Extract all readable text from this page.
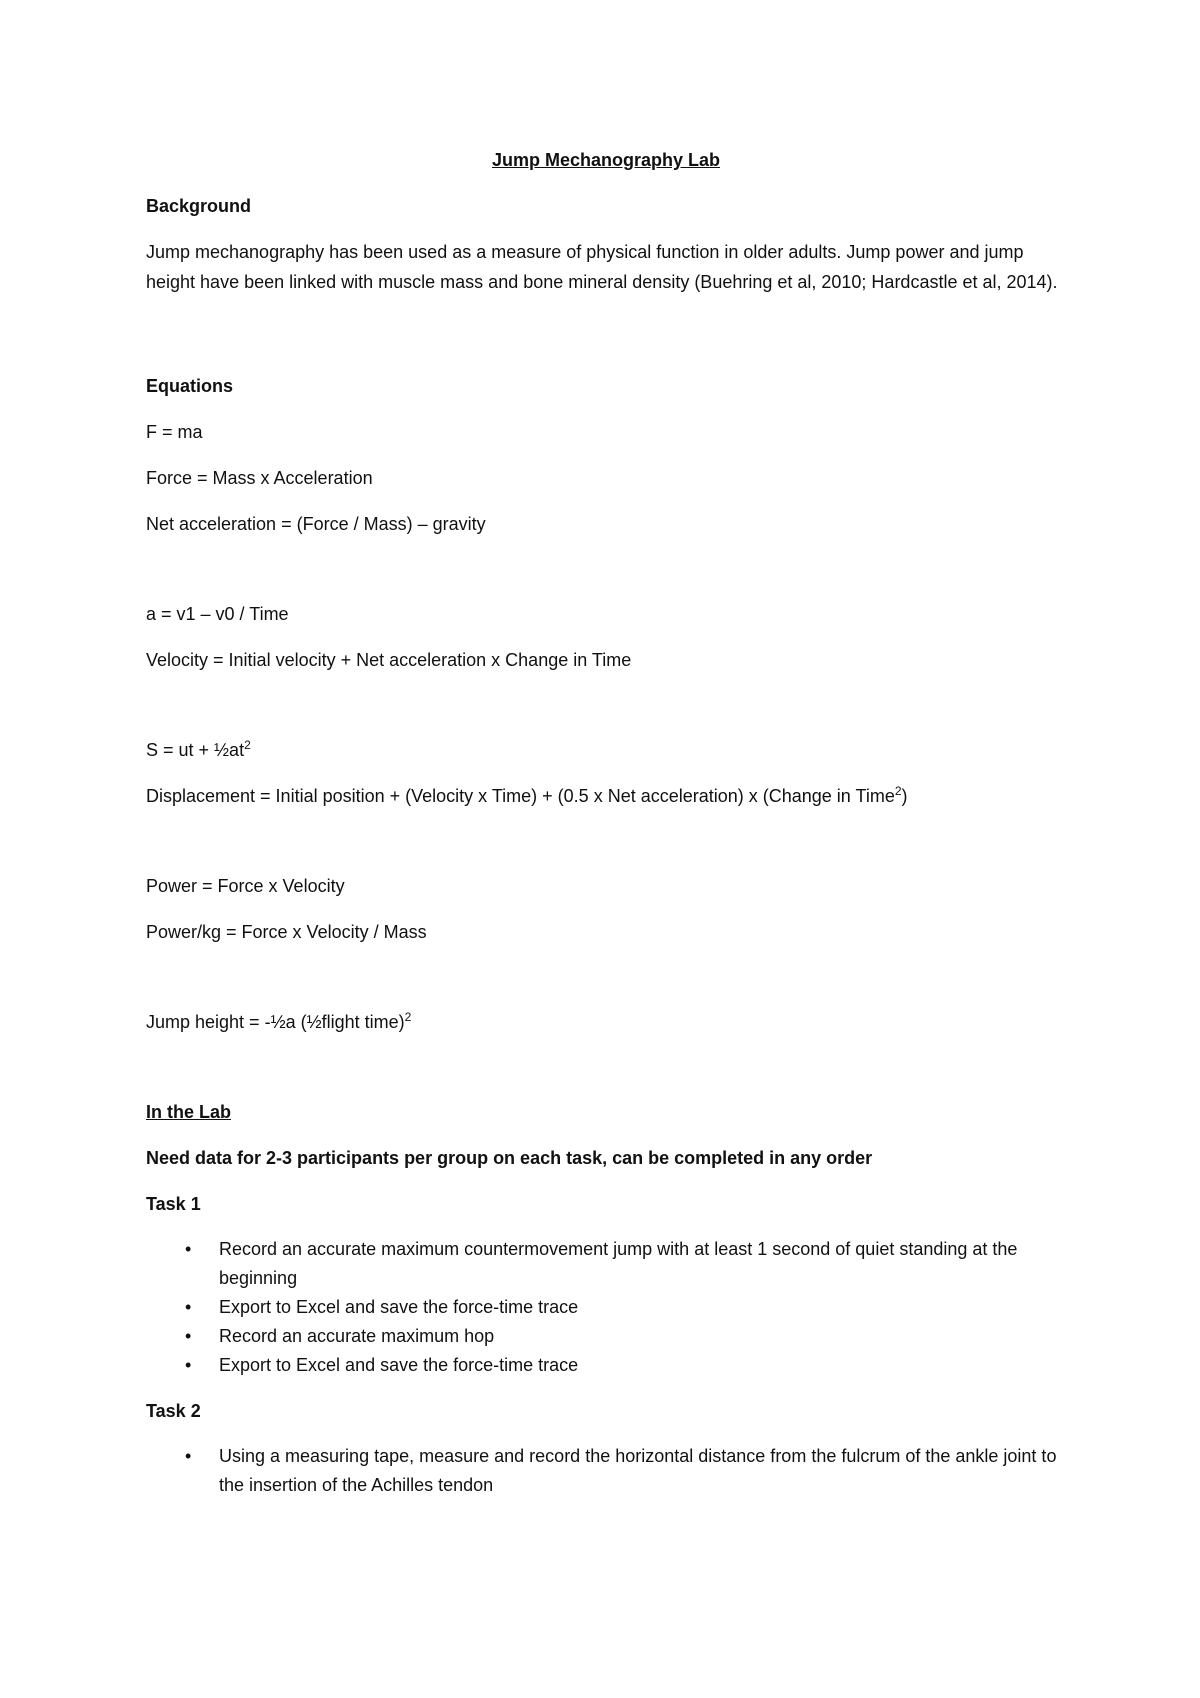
Jump Mechanography Lab
Background

Jump mechanography has been used as a measure of physical function in older adults. Jump power and jump height have been linked with muscle mass and bone mineral density (Buehring et al, 2010; Hardcastle et al, 2014).

Equations
F = ma
Force = Mass x Acceleration
Net acceleration = (Force / Mass) – gravity
a = v1 – v0 / Time
Velocity = Initial velocity + Net acceleration x Change in Time
S = ut + $\frac{1}{2}at^2$
Displacement = Initial position + (Velocity x Time) + (0.5 x Net acceleration) x (Change in Time$^2$)
Power = Force x Velocity
Power/kg = Force x Velocity / Mass
Jump height = -½a (½flight time)$^2$
In the Lab
Need data for 2-3 participants per group on each task, can be completed in any order
Task 1
• Record an accurate maximum countermovement jump with at least 1 second of quiet standing at the beginning
• Export to Excel and save the force-time trace
• Record an accurate maximum hop
• Export to Excel and save the force-time trace
Task 2
• Using a measuring tape, measure and record the horizontal distance from the fulcrum of the ankle joint to the insertion of the Achilles tendon
